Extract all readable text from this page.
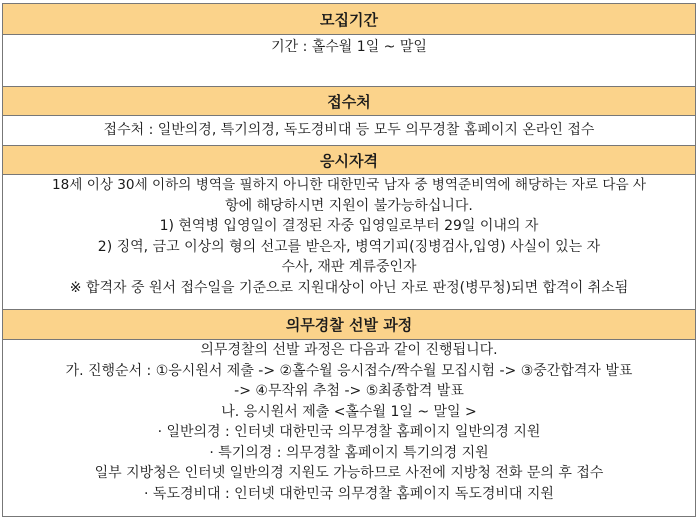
모집기간
기간 : 홀수월 1일 ~ 말일
접수처
접수처 : 일반의경, 특기의경, 독도경비대 등 모두 의무경찰 홈페이지 온라인 접수
응시자격
18세 이상 30세 이하의 병역을 필하지 아니한 대한민국 남자 중 병역준비역에 해당하는 자로 다음 사
항에 해당하시면 지원이 불가능하십니다.
1) 현역병 입영일이 결정된 자중 입영일로부터 29일 이내의 자
2) 징역, 금고 이상의 형의 선고를 받은자, 병역기피(징병검사,입영) 사실이 있는 자
수사, 재판 계류중인자
※ 합격자 중 원서 접수일을 기준으로 지원대상이 아닌 자로 판정(병무청)되면 합격이 취소됨
의무경찰 선발 과정
의무경찰의 선발 과정은 다음과 같이 진행됩니다.
가. 진행순서 : ①응시원서 제출 -> ②홀수월 응시접수/짝수월 모집시험 -> ③중간합격자 발표
-> ④무작위 추첨 -> ⑤최종합격 발표
나. 응시원서 제출 <홀수월 1일 ~ 말일 >
· 일반의경 : 인터넷 대한민국 의무경찰 홈페이지 일반의경 지원
· 특기의경 : 의무경찰 홈페이지 특기의경 지원
일부 지방청은 인터넷 일반의경 지원도 가능하므로 사전에 지방청 전화 문의 후 접수
· 독도경비대 : 인터넷 대한민국 의무경찰 홈페이지 독도경비대 지원
